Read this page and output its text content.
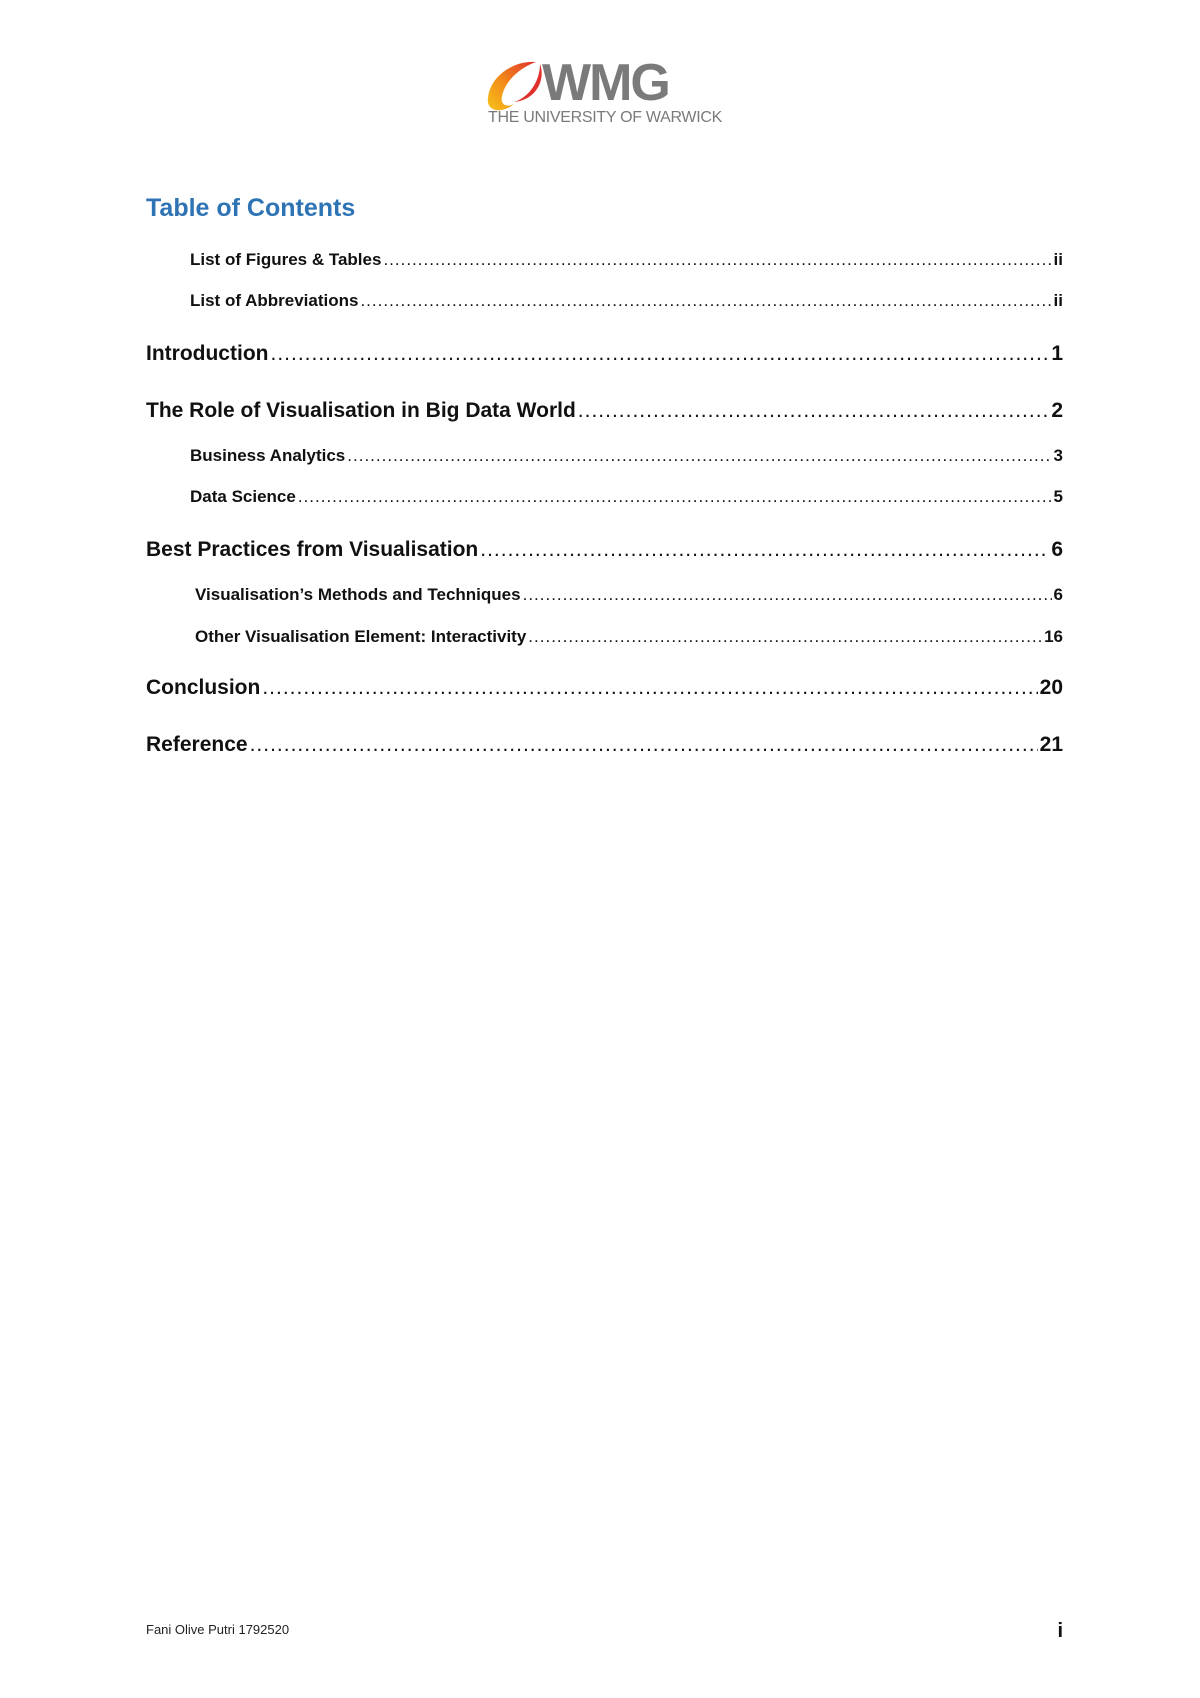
WMG
THE UNIVERSITY OF WARWICK
Table of Contents
List of Figures & Tables .....	ii
List of Abbreviations .....	ii
Introduction .....	1
The Role of Visualisation in Big Data World .....	2
Business Analytics .....	3
Data Science .....	5
Best Practices from Visualisation .....	6
Visualisation’s Methods and Techniques .....	6
Other Visualisation Element: Interactivity .....	16
Conclusion .....	20
Reference .....	21
Fani Olive Putri 1792520	i
